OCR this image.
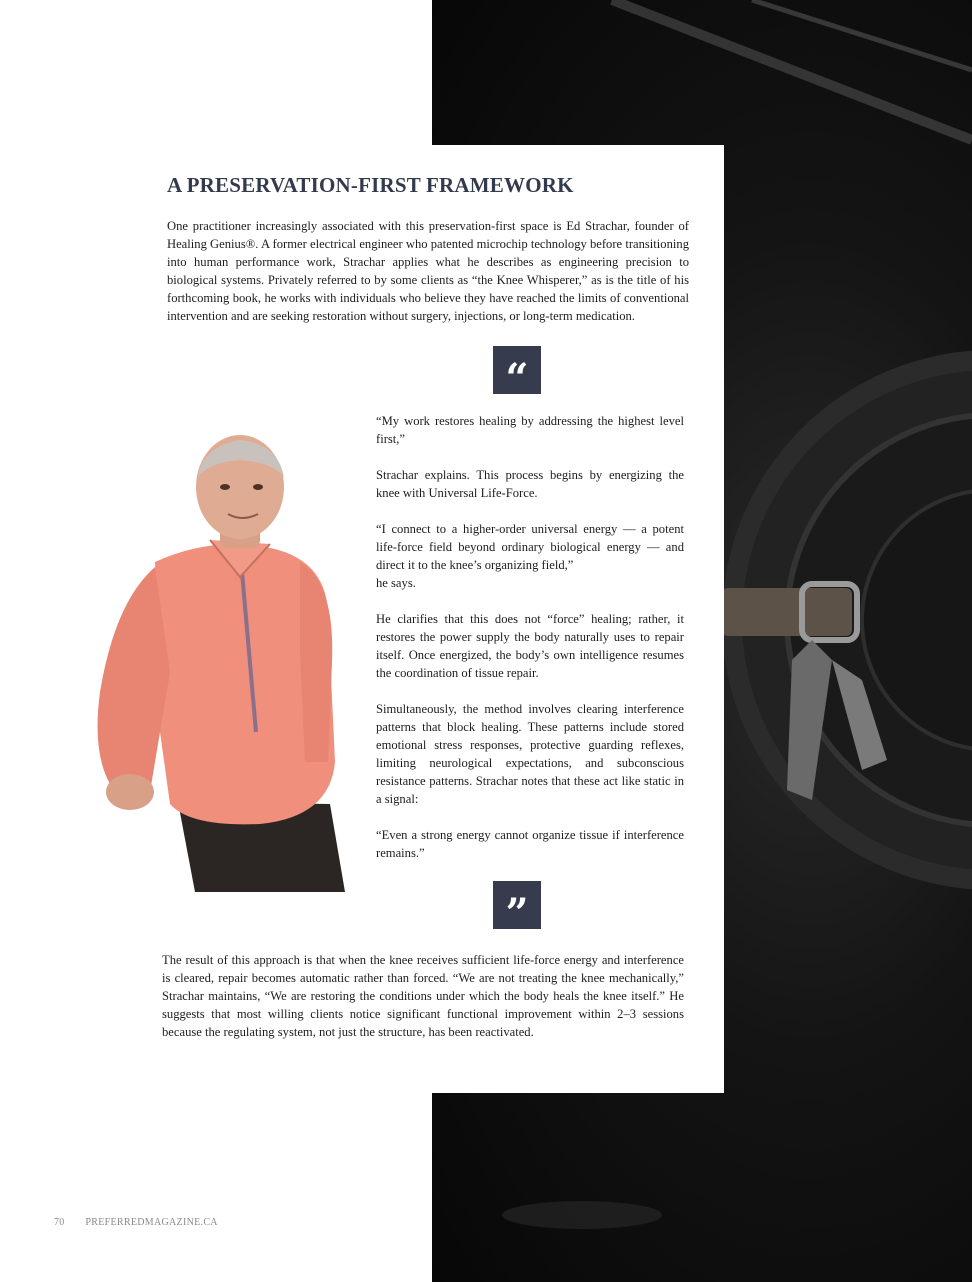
A PRESERVATION-FIRST FRAMEWORK

One practitioner increasingly associated with this preservation-first space is Ed Strachar, founder of Healing Genius®. A former electrical engineer who patented microchip technology before transitioning into human performance work, Strachar applies what he describes as engineering precision to biological systems. Privately referred to by some clients as “the Knee Whisperer,” as is the title of his forthcoming book, he works with individuals who believe they have reached the limits of conventional intervention and are seeking restoration without surgery, injections, or long-term medication.

“

“My work restores healing by addressing the highest level first,”

Strachar explains. This process begins by energizing the knee with Universal Life-Force.

“I connect to a higher-order universal energy — a potent life-force field beyond ordinary biological energy — and direct it to the knee’s organizing field,”

he says.

He clarifies that this does not “force” healing; rather, it restores the power supply the body naturally uses to repair itself. Once energized, the body’s own intelligence resumes the coordination of tissue repair.

Simultaneously, the method involves clearing interference patterns that block healing. These patterns include stored emotional stress responses, protective guarding reflexes, limiting neurological expectations, and subconscious resistance patterns. Strachar notes that these act like static in a signal:

“Even a strong energy cannot organize tissue if interference remains.”

”

The result of this approach is that when the knee receives sufficient life-force energy and interference is cleared, repair becomes automatic rather than forced. “We are not treating the knee mechanically,” Strachar maintains, “We are restoring the conditions under which the body heals the knee itself.” He suggests that most willing clients notice significant functional improvement within 2–3 sessions because the regulating system, not just the structure, has been reactivated.

70 PREFERREDMAGAZINE.CA
